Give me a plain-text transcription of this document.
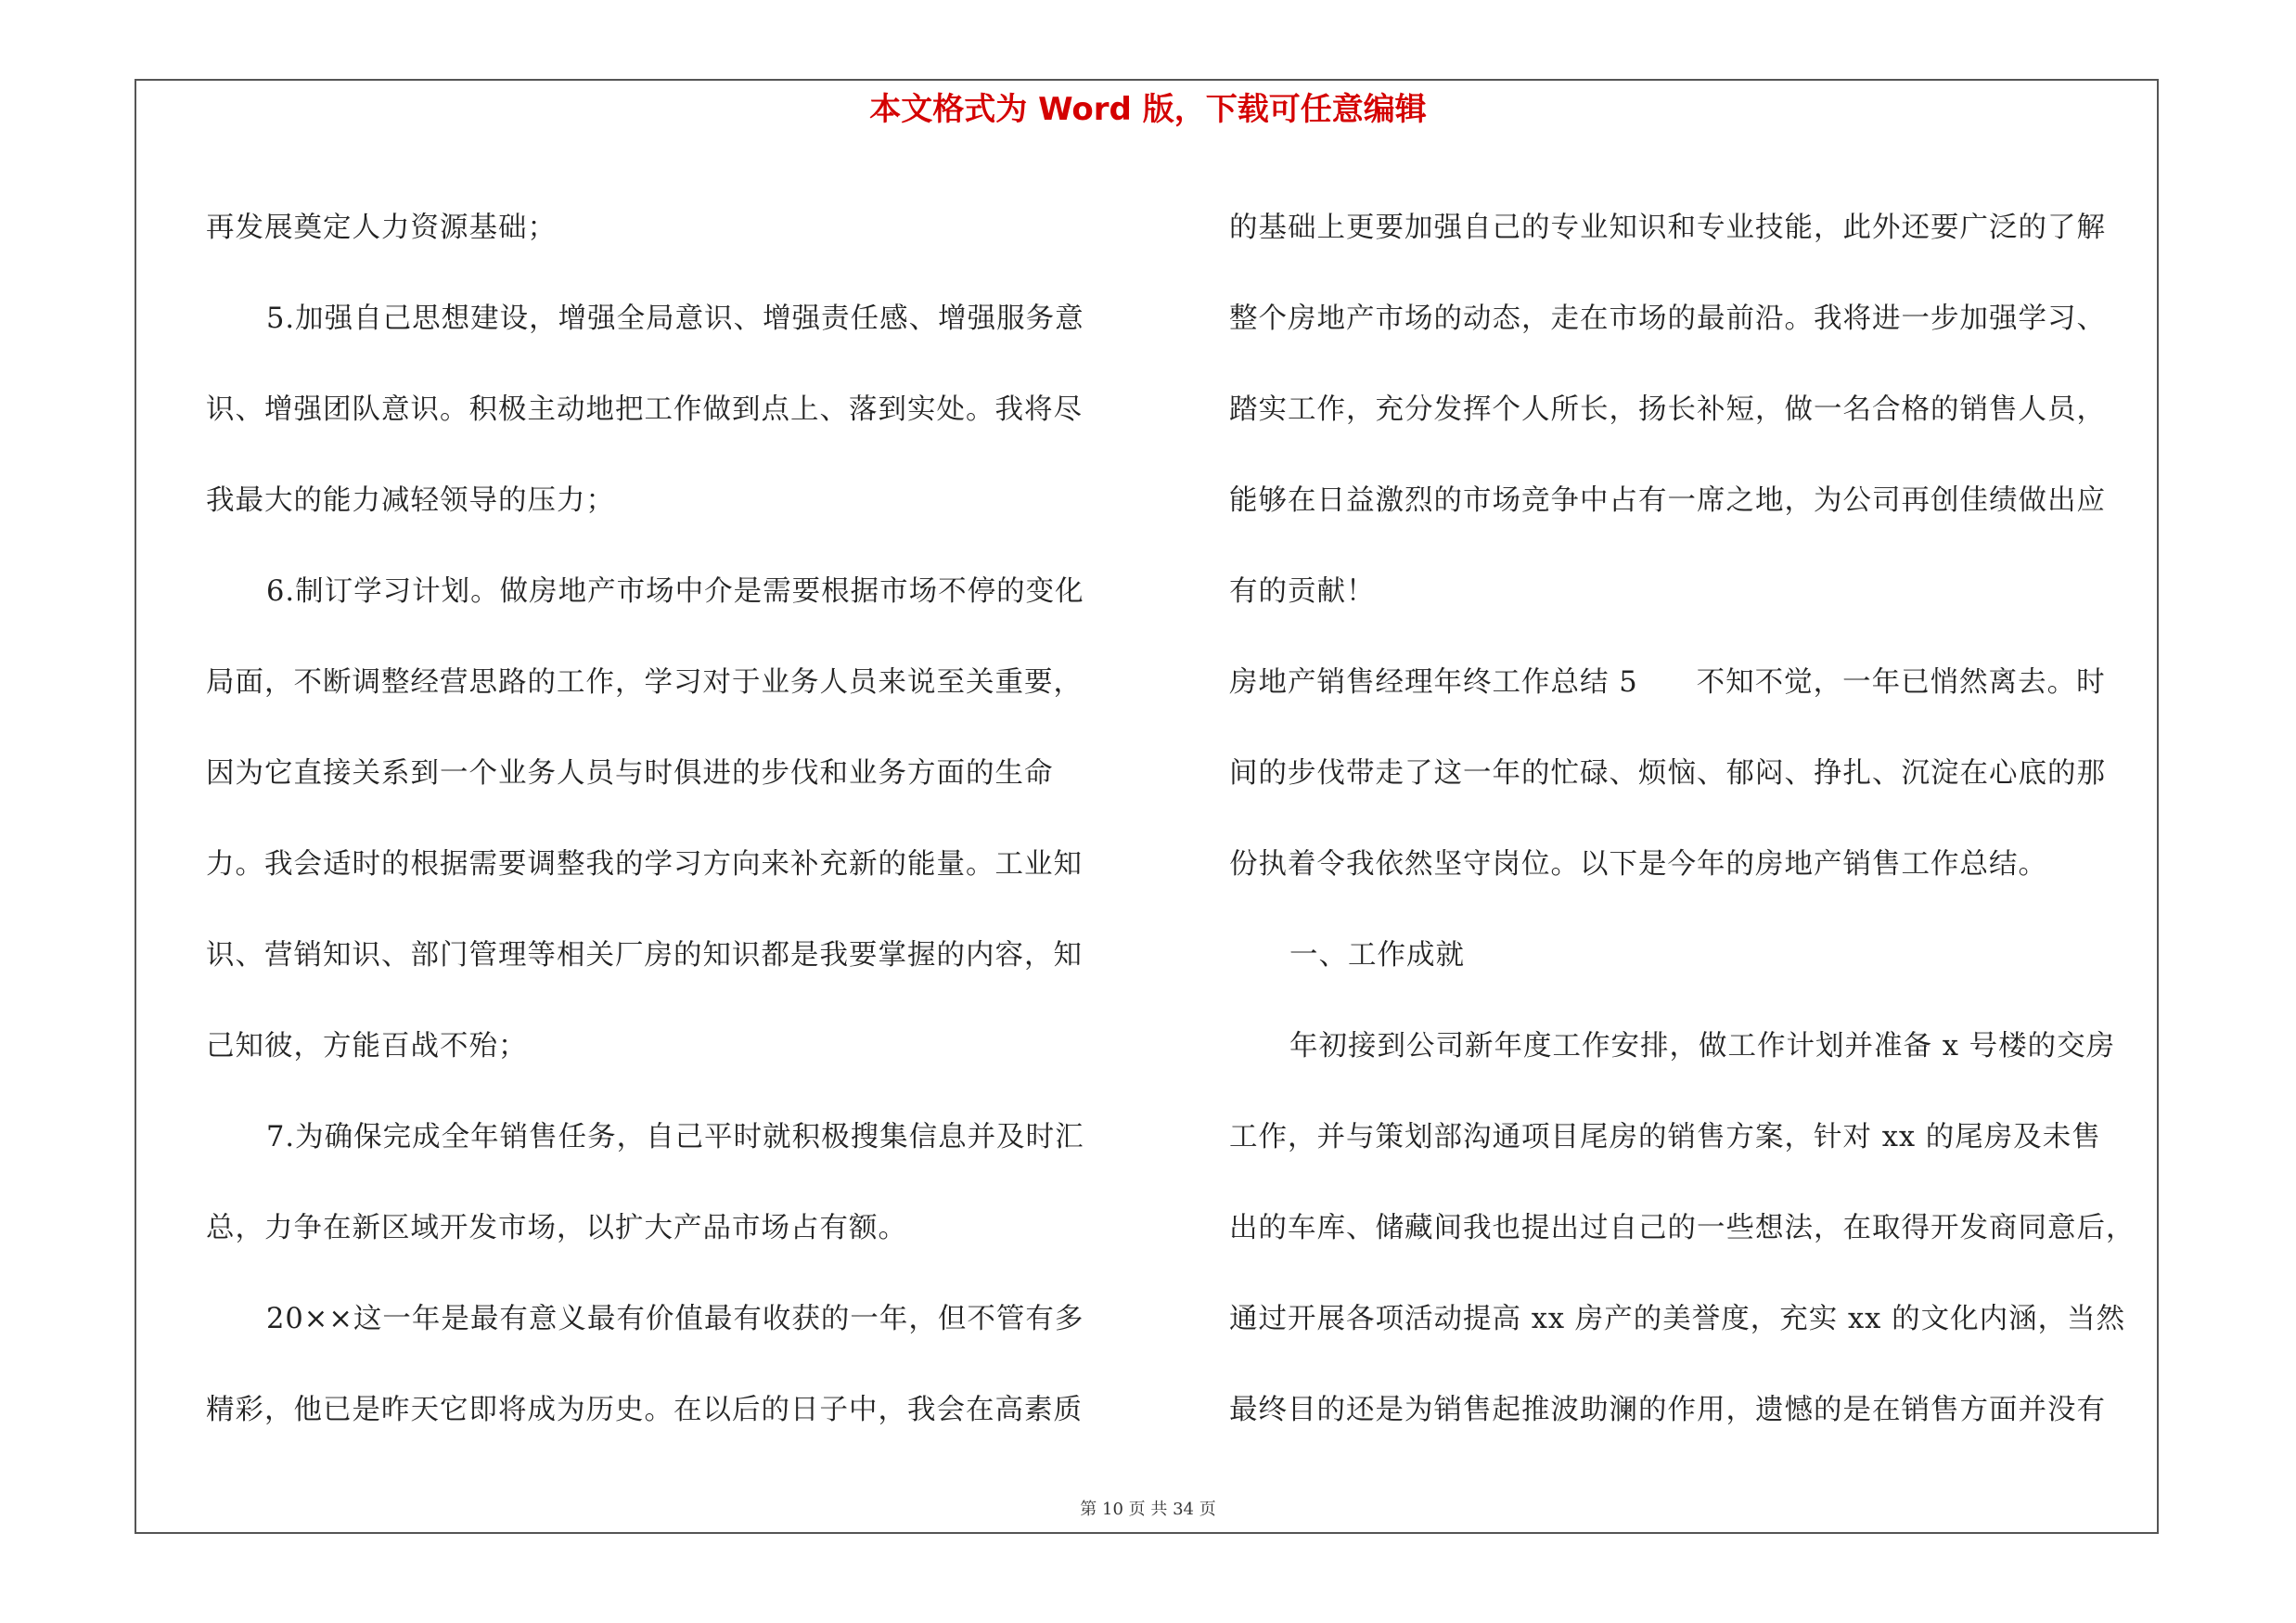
本文格式为 Word 版，下载可任意编辑
再发展奠定人力资源基础；
5.加强自己思想建设，增强全局意识、增强责任感、增强服务意
识、增强团队意识。积极主动地把工作做到点上、落到实处。我将尽
我最大的能力减轻领导的压力；
6.制订学习计划。做房地产市场中介是需要根据市场不停的变化
局面，不断调整经营思路的工作，学习对于业务人员来说至关重要，
因为它直接关系到一个业务人员与时俱进的步伐和业务方面的生命
力。我会适时的根据需要调整我的学习方向来补充新的能量。工业知
识、营销知识、部门管理等相关厂房的知识都是我要掌握的内容，知
己知彼，方能百战不殆；
7.为确保完成全年销售任务，自己平时就积极搜集信息并及时汇
总，力争在新区域开发市场，以扩大产品市场占有额。
20××这一年是最有意义最有价值最有收获的一年，但不管有多
精彩，他已是昨天它即将成为历史。在以后的日子中，我会在高素质
的基础上更要加强自己的专业知识和专业技能，此外还要广泛的了解
整个房地产市场的动态，走在市场的最前沿。我将进一步加强学习、
踏实工作，充分发挥个人所长，扬长补短，做一名合格的销售人员，
能够在日益激烈的市场竞争中占有一席之地，为公司再创佳绩做出应
有的贡献！
房地产销售经理年终工作总结 5　　不知不觉，一年已悄然离去。时
间的步伐带走了这一年的忙碌、烦恼、郁闷、挣扎、沉淀在心底的那
份执着令我依然坚守岗位。以下是今年的房地产销售工作总结。
一、工作成就
年初接到公司新年度工作安排，做工作计划并准备 x 号楼的交房
工作，并与策划部沟通项目尾房的销售方案，针对 xx 的尾房及未售
出的车库、储藏间我也提出过自己的一些想法，在取得开发商同意后，
通过开展各项活动提高 xx 房产的美誉度，充实 xx 的文化内涵，当然
最终目的还是为销售起推波助澜的作用，遗憾的是在销售方面并没有
第 10 页 共 34 页
